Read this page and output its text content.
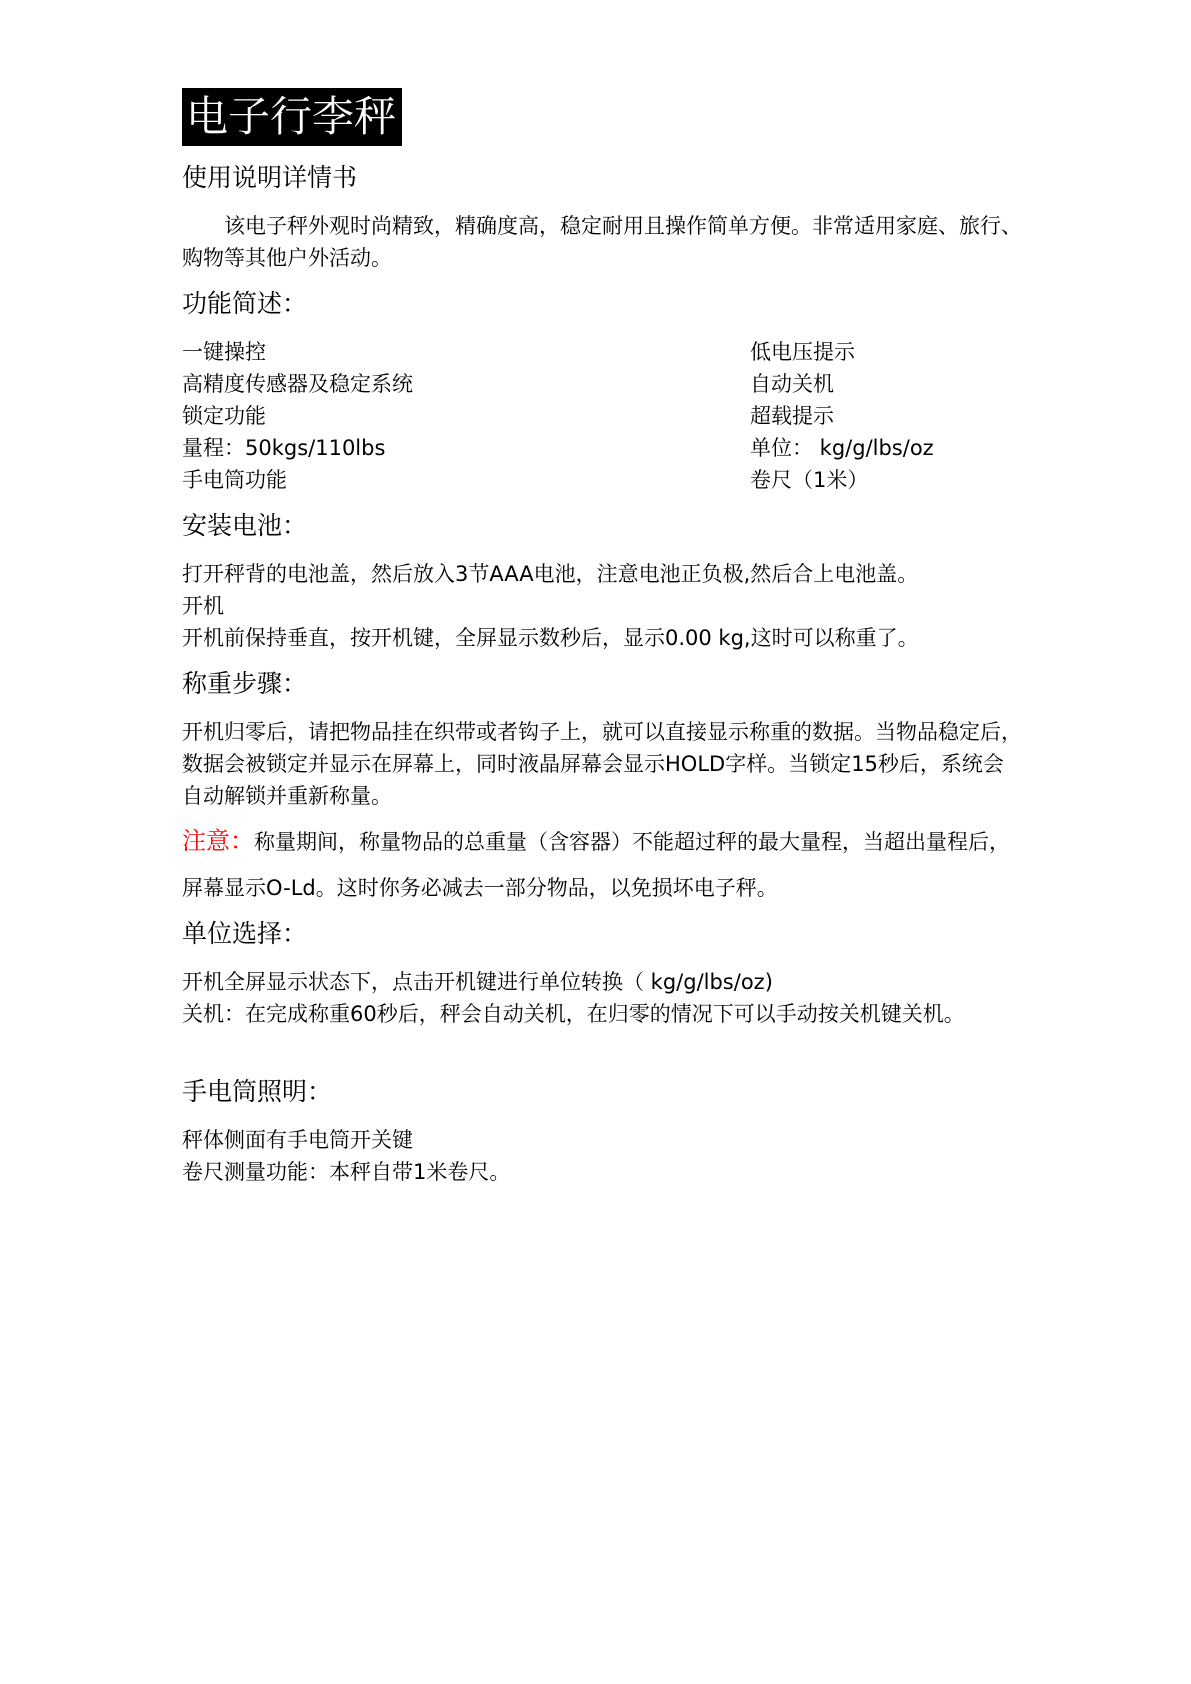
电子行李秤
使用说明详情书
该电子秤外观时尚精致，精确度高，稳定耐用且操作简单方便。非常适用家庭、旅行、购物等其他户外活动。
功能简述：
一键操控
高精度传感器及稳定系统
锁定功能
量程：50kgs/110lbs
手电筒功能
低电压提示
自动关机
超载提示
单位： kg/g/lbs/oz
卷尺（1米）
安装电池：
打开秤背的电池盖，然后放入3节AAA电池，注意电池正负极,然后合上电池盖。
开机
开机前保持垂直，按开机键，全屏显示数秒后，显示0.00 kg,这时可以称重了。
称重步骤：
开机归零后，请把物品挂在织带或者钩子上，就可以直接显示称重的数据。当物品稳定后，数据会被锁定并显示在屏幕上，同时液晶屏幕会显示HOLD字样。当锁定15秒后，系统会自动解锁并重新称量。
注意：称量期间，称量物品的总重量（含容器）不能超过秤的最大量程，当超出量程后，屏幕显示O-Ld。这时你务必减去一部分物品，以免损坏电子秤。
单位选择：
开机全屏显示状态下，点击开机键进行单位转换（ kg/g/lbs/oz)
关机：在完成称重60秒后，秤会自动关机，在归零的情况下可以手动按关机键关机。
手电筒照明：
秤体侧面有手电筒开关键
卷尺测量功能：本秤自带1米卷尺。
